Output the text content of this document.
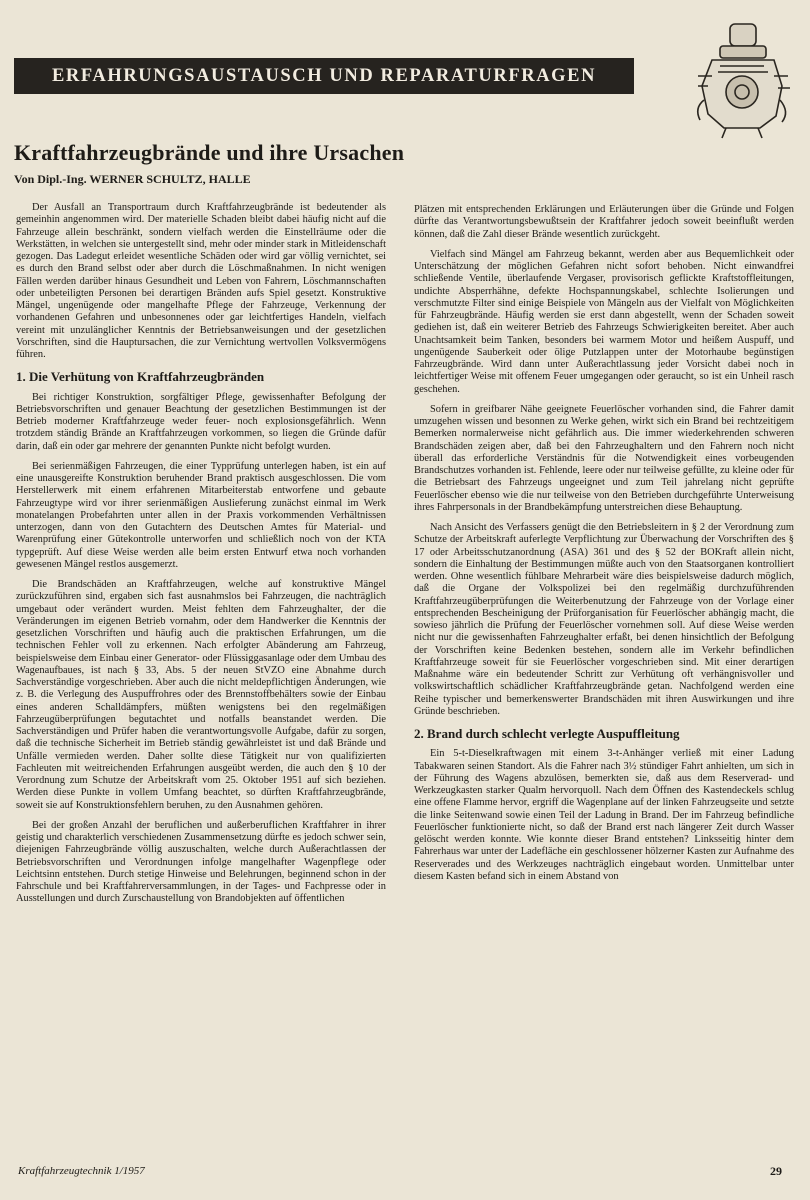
ERFAHRUNGSAUSTAUSCH UND REPARATURFRAGEN
Kraftfahrzeugbrände und ihre Ursachen
Von Dipl.-Ing. WERNER SCHULTZ, HALLE

Der Ausfall an Transportraum durch Kraftfahrzeugbrände ist bedeutender als gemeinhin angenommen wird. Der materielle Schaden bleibt dabei häufig nicht auf die Fahrzeuge allein beschränkt, sondern vielfach werden die Einstellräume oder die Werkstätten, in welchen sie untergestellt sind, mehr oder minder stark in Mitleidenschaft gezogen. Das Ladegut erleidet wesentliche Schäden oder wird gar völlig vernichtet, sei es durch den Brand selbst oder aber durch die Löschmaßnahmen. In nicht wenigen Fällen werden darüber hinaus Gesundheit und Leben von Fahrern, Löschmannschaften oder unbeteiligten Personen bei derartigen Bränden aufs Spiel gesetzt. Konstruktive Mängel, ungenügende oder mangelhafte Pflege der Fahrzeuge, Verkennung der vorhandenen Gefahren und unbesonnenes oder gar leichtfertiges Handeln, vielfach vereint mit unzulänglicher Kenntnis der Betriebsanweisungen und der gesetzlichen Vorschriften, sind die Hauptursachen, die zur Vernichtung wertvollen Volksvermögens führen.

1. Die Verhütung von Kraftfahrzeugbränden

Bei richtiger Konstruktion, sorgfältiger Pflege, gewissenhafter Befolgung der Betriebsvorschriften und genauer Beachtung der gesetzlichen Bestimmungen ist der Betrieb moderner Kraftfahrzeuge weder feuer- noch explosionsgefährlich. Wenn trotzdem ständig Brände an Kraftfahrzeugen vorkommen, so liegen die Gründe dafür darin, daß ein oder gar mehrere der genannten Punkte nicht befolgt wurden.

Bei serienmäßigen Fahrzeugen, die einer Typprüfung unterlegen haben, ist ein auf eine unausgereifte Konstruktion beruhender Brand praktisch ausgeschlossen. Die vom Herstellerwerk mit einem erfahrenen Mitarbeiterstab entworfene und gebaute Fahrzeugtype wird vor ihrer serienmäßigen Auslieferung zunächst einmal im Werk monatelangen Probefahrten unter allen in der Praxis vorkommenden Verhältnissen unterzogen, dann von den Gutachtern des Deutschen Amtes für Material- und Warenprüfung einer Gütekontrolle unterworfen und schließlich noch von der KTA typgeprüft. Auf diese Weise werden alle beim ersten Entwurf etwa noch vorhanden gewesenen Mängel restlos ausgemerzt.

Die Brandschäden an Kraftfahrzeugen, welche auf konstruktive Mängel zurückzuführen sind, ergaben sich fast ausnahmslos bei Fahrzeugen, die nachträglich umgebaut oder verändert wurden. Meist fehlten dem Fahrzeughalter, der die Veränderungen im eigenen Betrieb vornahm, oder dem Handwerker die Kenntnis der gesetzlichen Vorschriften und häufig auch die praktischen Erfahrungen, um die technischen Fehler voll zu erkennen. Nach erfolgter Abänderung am Fahrzeug, beispielsweise dem Einbau einer Generator- oder Flüssiggasanlage oder dem Umbau des Wagenaufbaues, ist nach § 33, Abs. 5 der neuen StVZO eine Abnahme durch Sachverständige vorgeschrieben. Aber auch die nicht meldepflichtigen Änderungen, wie z. B. die Verlegung des Auspuffrohres oder des Brennstoffbehälters sowie der Einbau eines anderen Schalldämpfers, müßten wenigstens bei den regelmäßigen Fahrzeugüberprüfungen begutachtet und notfalls beanstandet werden. Die Sachverständigen und Prüfer haben die verantwortungsvolle Aufgabe, dafür zu sorgen, daß die technische Sicherheit im Betrieb ständig gewährleistet ist und daß Brände und Unfälle vermieden werden. Daher sollte diese Tätigkeit nur von qualifizierten Fachleuten mit weitreichenden Erfahrungen ausgeübt werden, die auch den § 10 der Verordnung zum Schutze der Arbeitskraft vom 25. Oktober 1951 auf sich beziehen. Werden diese Punkte in vollem Umfang beachtet, so dürften Kraftfahrzeugbrände, soweit sie auf Konstruktionsfehlern beruhen, zu den Ausnahmen gehören.

Bei der großen Anzahl der beruflichen und außerberuflichen Kraftfahrer in ihrer geistig und charakterlich verschiedenen Zusammensetzung dürfte es jedoch schwer sein, diejenigen Fahrzeugbrände völlig auszuschalten, welche durch Außerachtlassen der Betriebsvorschriften und Verordnungen infolge mangelhafter Wagenpflege oder Leichtsinn entstehen. Durch stetige Hinweise und Belehrungen, beginnend schon in der Fahrschule und bei Kraftfahrerversammlungen, in der Tages- und Fachpresse oder in Ausstellungen und durch Zurschaustellung von Brandobjekten auf öffentlichen

Plätzen mit entsprechenden Erklärungen und Erläuterungen über die Gründe und Folgen dürfte das Verantwortungsbewußtsein der Kraftfahrer jedoch soweit beeinflußt werden können, daß die Zahl dieser Brände wesentlich zurückgeht.

Vielfach sind Mängel am Fahrzeug bekannt, werden aber aus Bequemlichkeit oder Unterschätzung der möglichen Gefahren nicht sofort behoben. Nicht einwandfrei schließende Ventile, überlaufende Vergaser, provisorisch geflickte Kraftstoffleitungen, undichte Absperrhähne, defekte Hochspannungskabel, schlechte Isolierungen und verschmutzte Filter sind einige Beispiele von Mängeln aus der Vielfalt von Möglichkeiten für Fahrzeugbrände. Häufig werden sie erst dann abgestellt, wenn der Schaden soweit gediehen ist, daß ein weiterer Betrieb des Fahrzeugs Schwierigkeiten bereitet. Aber auch Unachtsamkeit beim Tanken, besonders bei warmem Motor und heißem Auspuff, und ungenügende Sauberkeit oder ölige Putzlappen unter der Motorhaube begünstigen Fahrzeugbrände. Wird dann unter Außerachtlassung jeder Vorsicht dabei noch in leichtfertiger Weise mit offenem Feuer umgegangen oder geraucht, so ist ein Unheil rasch geschehen.

Sofern in greifbarer Nähe geeignete Feuerlöscher vorhanden sind, die Fahrer damit umzugehen wissen und besonnen zu Werke gehen, wirkt sich ein Brand bei rechtzeitigem Bemerken normalerweise nicht gefährlich aus. Die immer wiederkehrenden schweren Brandschäden zeigen aber, daß bei den Fahrzeughaltern und den Fahrern noch nicht überall das erforderliche Verständnis für die Notwendigkeit eines vorbeugenden Brandschutzes vorhanden ist. Fehlende, leere oder nur teilweise gefüllte, zu kleine oder für die Betriebsart des Fahrzeugs ungeeignet und zum Teil jahrelang nicht geprüfte Feuerlöscher ebenso wie die nur teilweise von den Betrieben durchgeführte Unterweisung ihres Fahrpersonals in der Brandbekämpfung unterstreichen diese Behauptung.

Nach Ansicht des Verfassers genügt die den Betriebsleitern in § 2 der Verordnung zum Schutze der Arbeitskraft auferlegte Verpflichtung zur Überwachung der Vorschriften des § 17 oder Arbeitsschutzanordnung (ASA) 361 und des § 52 der BOKraft allein nicht, sondern die Einhaltung der Bestimmungen müßte auch von den Staatsorganen kontrolliert werden. Ohne wesentlich fühlbare Mehrarbeit wäre dies beispielsweise dadurch möglich, daß die Organe der Volkspolizei bei den regelmäßig durchzuführenden Kraftfahrzeugüberprüfungen die Weiterbenutzung der Fahrzeuge von der Vorlage einer entsprechenden Bescheinigung der Prüforganisation für Feuerlöscher abhängig macht, die sowieso jährlich die Prüfung der Feuerlöscher vornehmen soll. Auf diese Weise werden nicht nur die gewissenhaften Fahrzeughalter erfaßt, bei denen hinsichtlich der Befolgung der Vorschriften keine Bedenken bestehen, sondern alle im Verkehr befindlichen Kraftfahrzeuge soweit für sie Feuerlöscher vorgeschrieben sind. Mit einer derartigen Maßnahme wäre ein bedeutender Schritt zur Verhütung oft verhängnisvoller und volkswirtschaftlich schädlicher Kraftfahrzeugbrände getan. Nachfolgend werden eine Reihe typischer und bemerkenswerter Brandschäden mit ihren Auswirkungen und ihre Gründe beschrieben.

2. Brand durch schlecht verlegte Auspuffleitung

Ein 5-t-Dieselkraftwagen mit einem 3-t-Anhänger verließ mit einer Ladung Tabakwaren seinen Standort. Als die Fahrer nach 3½ stündiger Fahrt anhielten, um sich in der Führung des Wagens abzulösen, bemerkten sie, daß aus dem Reserverad- und Werkzeugkasten starker Qualm hervorquoll. Nach dem Öffnen des Kastendeckels schlug eine offene Flamme hervor, ergriff die Wagenplane auf der linken Fahrzeugseite und setzte die linke Seitenwand sowie einen Teil der Ladung in Brand. Der im Fahrzeug befindliche Feuerlöscher funktionierte nicht, so daß der Brand erst nach längerer Zeit durch Wasser gelöscht werden konnte. Wie konnte dieser Brand entstehen? Linksseitig hinter dem Fahrerhaus war unter der Ladefläche ein geschlossener hölzerner Kasten zur Aufnahme des Reserverades und des Werkzeuges nachträglich eingebaut worden. Unmittelbar unter diesem Kasten befand sich in einem Abstand von

Kraftfahrzeugtechnik 1/1957	29
